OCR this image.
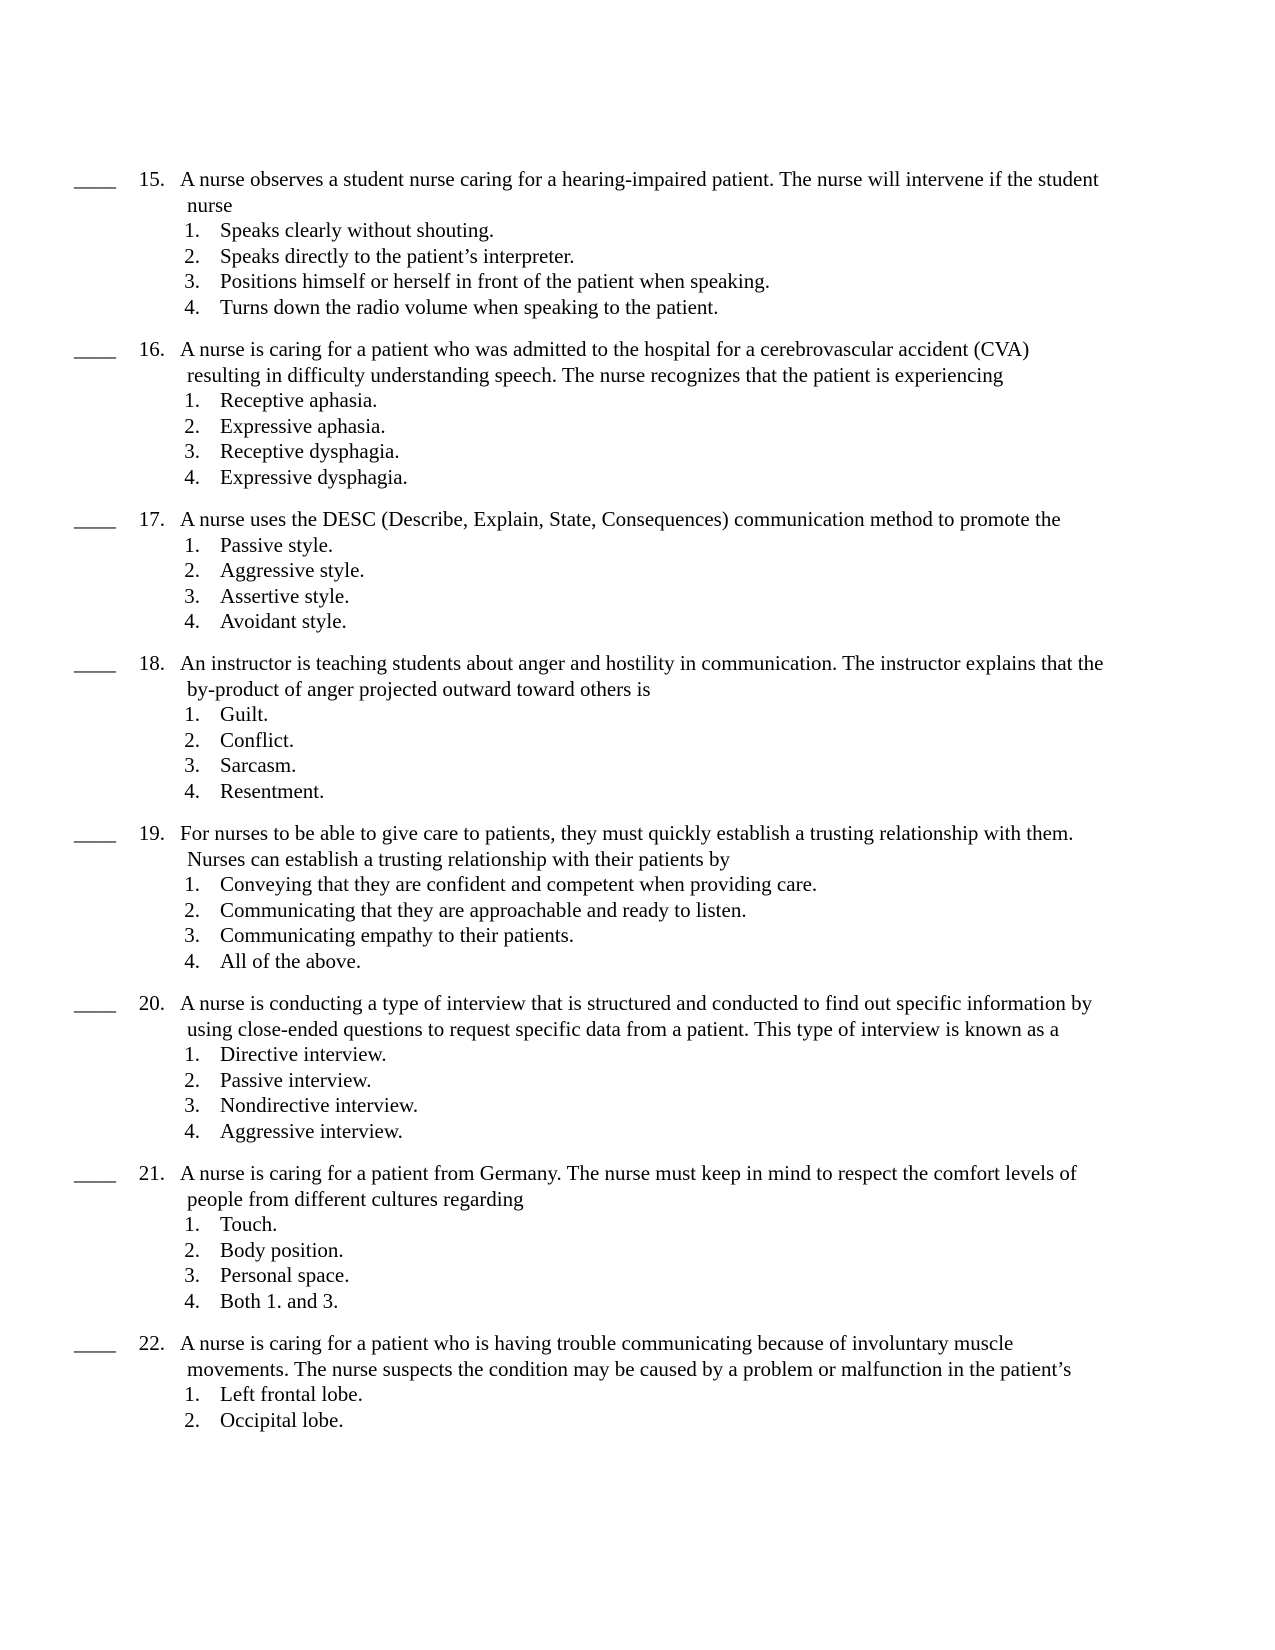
____	15. A nurse observes a student nurse caring for a hearing-impaired patient. The nurse will intervene if the student
nurse
1. Speaks clearly without shouting.
2. Speaks directly to the patient’s interpreter.
3. Positions himself or herself in front of the patient when speaking.
4. Turns down the radio volume when speaking to the patient.
____	16. A nurse is caring for a patient who was admitted to the hospital for a cerebrovascular accident (CVA)
resulting in difficulty understanding speech. The nurse recognizes that the patient is experiencing
1. Receptive aphasia.
2. Expressive aphasia.
3. Receptive dysphagia.
4. Expressive dysphagia.
____	17. A nurse uses the DESC (Describe, Explain, State, Consequences) communication method to promote the
1. Passive style.
2. Aggressive style.
3. Assertive style.
4. Avoidant style.
____	18. An instructor is teaching students about anger and hostility in communication. The instructor explains that the
by-product of anger projected outward toward others is
1. Guilt.
2. Conflict.
3. Sarcasm.
4. Resentment.
____	19. For nurses to be able to give care to patients, they must quickly establish a trusting relationship with them.
Nurses can establish a trusting relationship with their patients by
1. Conveying that they are confident and competent when providing care.
2. Communicating that they are approachable and ready to listen.
3. Communicating empathy to their patients.
4. All of the above.
____	20. A nurse is conducting a type of interview that is structured and conducted to find out specific information by
using close-ended questions to request specific data from a patient. This type of interview is known as a
1. Directive interview.
2. Passive interview.
3. Nondirective interview.
4. Aggressive interview.
____	21. A nurse is caring for a patient from Germany. The nurse must keep in mind to respect the comfort levels of
people from different cultures regarding
1. Touch.
2. Body position.
3. Personal space.
4. Both 1. and 3.
____	22. A nurse is caring for a patient who is having trouble communicating because of involuntary muscle
movements. The nurse suspects the condition may be caused by a problem or malfunction in the patient’s
1. Left frontal lobe.
2. Occipital lobe.
